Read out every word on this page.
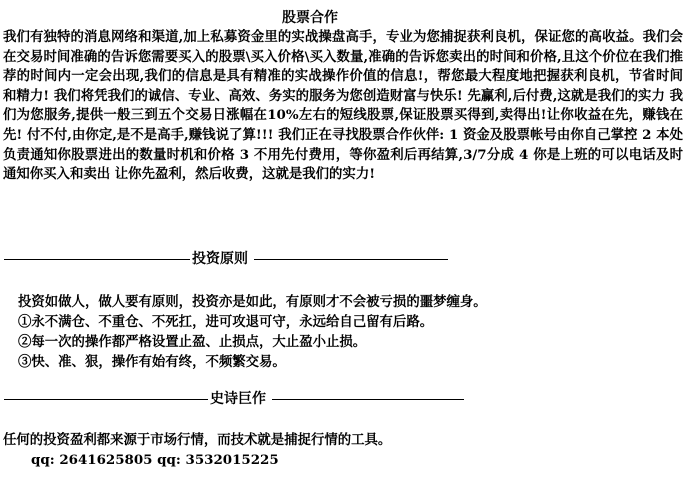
股票合作
我们有独特的消息网络和渠道,加上私募资金里的实战操盘高手，专业为您捕捉获利良机，保证您的高收益。我们会在交易时间准确的告诉您需要买入的股票\买入价格\买入数量,准确的告诉您卖出的时间和价格,且这个价位在我们推荐的时间内一定会出现,我们的信息是具有精准的实战操作价值的信息!，帮您最大程度地把握获利良机，节省时间和精力! 我们将凭我们的诚信、专业、高效、务实的服务为您创造财富与快乐! 先赢利,后付费,这就是我们的实力 我们为您服务,提供一般三到五个交易日涨幅在10%左右的短线股票,保证股票买得到,卖得出!让你收益在先，赚钱在先! 付不付,由你定,是不是高手,赚钱说了算!!! 我们正在寻找股票合作伙伴: 1 资金及股票帐号由你自己掌控 2 本处负责通知你股票进出的数量时机和价格 3 不用先付费用，等你盈利后再结算,3/7分成 4 你是上班的可以电话及时通知你买入和卖出 让你先盈利，然后收费，这就是我们的实力!
投资原则
投资如做人，做人要有原则，投资亦是如此，有原则才不会被亏损的噩梦缠身。
①永不满仓、不重仓、不死扛，进可攻退可守，永远给自己留有后路。
②每一次的操作都严格设置止盈、止损点，大止盈小止损。
③快、准、狠，操作有始有终，不频繁交易。
史诗巨作
任何的投资盈利都来源于市场行情，而技术就是捕捉行情的工具。
qq: 2641625805 qq: 3532015225
